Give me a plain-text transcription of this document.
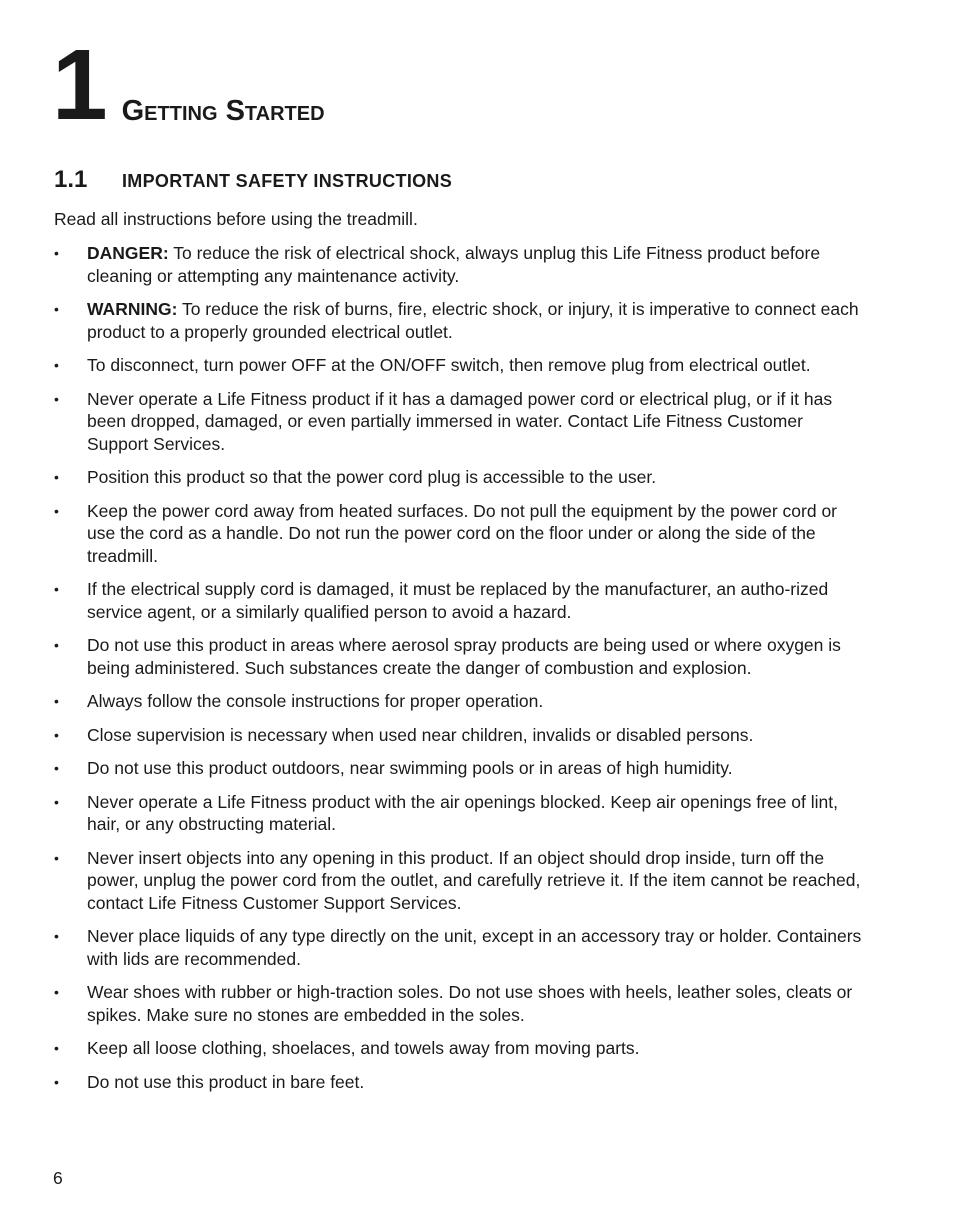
1 Getting Started
1.1	IMPORTANT SAFETY INSTRUCTIONS
Read all instructions before using the treadmill.
• DANGER: To reduce the risk of electrical shock, always unplug this Life Fitness product before cleaning or attempting any maintenance activity.
• WARNING: To reduce the risk of burns, fire, electric shock, or injury, it is imperative to connect each product to a properly grounded electrical outlet.
• To disconnect, turn power OFF at the ON/OFF switch, then remove plug from electrical outlet.
• Never operate a Life Fitness product if it has a damaged power cord or electrical plug, or if it has been dropped, damaged, or even partially immersed in water. Contact Life Fitness Customer Support Services.
• Position this product so that the power cord plug is accessible to the user.
• Keep the power cord away from heated surfaces. Do not pull the equipment by the power cord or use the cord as a handle. Do not run the power cord on the floor under or along the side of the treadmill.
• If the electrical supply cord is damaged, it must be replaced by the manufacturer, an autho-rized service agent, or a similarly qualified person to avoid a hazard.
• Do not use this product in areas where aerosol spray products are being used or where oxygen is being administered. Such substances create the danger of combustion and explosion.
• Always follow the console instructions for proper operation.
• Close supervision is necessary when used near children, invalids or disabled persons.
• Do not use this product outdoors, near swimming pools or in areas of high humidity.
• Never operate a Life Fitness product with the air openings blocked. Keep air openings free of lint, hair, or any obstructing material.
• Never insert objects into any opening in this product. If an object should drop inside, turn off the power, unplug the power cord from the outlet, and carefully retrieve it. If the item cannot be reached, contact Life Fitness Customer Support Services.
• Never place liquids of any type directly on the unit, except in an accessory tray or holder. Containers with lids are recommended.
• Wear shoes with rubber or high-traction soles. Do not use shoes with heels, leather soles, cleats or spikes. Make sure no stones are embedded in the soles.
• Keep all loose clothing, shoelaces, and towels away from moving parts.
• Do not use this product in bare feet.
6
